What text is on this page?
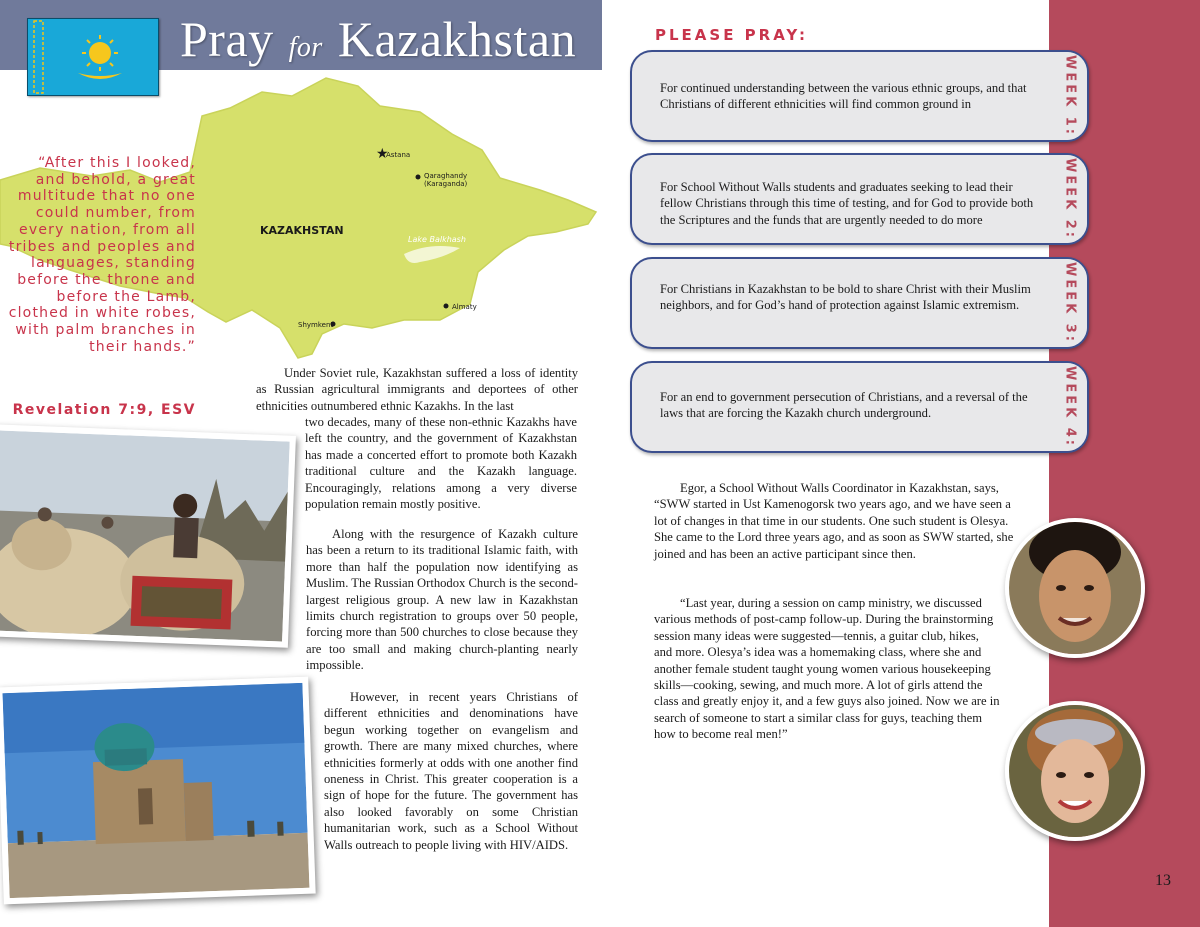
Pray for Kazakhstan
★
Astana
Qaraghandy
(Karaganda)
Almaty
Shymkent
KAZAKHSTAN
Lake Balkhash
“After this I looked, and behold, a great multitude that no one could number, from every nation, from all tribes and peoples and languages, standing before the throne and before the Lamb, clothed in white robes, with palm branches in their hands.”
Revelation 7:9, ESV

Under Soviet rule, Kazakhstan suffered a loss of identity as Russian agricultural immigrants and deportees of other ethnicities outnumbered ethnic Kazakhs. In the last

two decades, many of these non-ethnic Kazakhs have left the country, and the government of Kazakhstan has made a concerted effort to promote both Kazakh traditional culture and the Kazakh language. Encouragingly, relations among a very diverse population remain mostly positive.

Along with the resurgence of Kazakh culture has been a return to its traditional Islamic faith, with more than half the population now identifying as Muslim. The Russian Orthodox Church is the second-largest religious group. A new law in Kazakhstan limits church registration to groups over 50 people, forcing more than 500 churches to close because they are too small and making church-planting nearly impossible.

However, in recent years Christians of different ethnicities and denominations have begun working together on evangelism and growth. There are many mixed churches, where ethnicities formerly at odds with one another find oneness in Christ. This greater cooperation is a sign of hope for the future. The government has also looked favorably on some Christian humanitarian work, such as a School Without Walls outreach to people living with HIV/AIDS.

PLEASE PRAY:
For continued understanding between the various ethnic groups, and that Christians of different ethnicities will find common ground in	WEEK 1:
For School Without Walls students and graduates seeking to lead their fellow Christians through this time of testing, and for God to provide both the Scriptures and the funds that are urgently needed to do more	WEEK 2:
For Christians in Kazakhstan to be bold to share Christ with their Muslim neighbors, and for God’s hand of protection against Islamic extremism.	WEEK 3:
For an end to government persecution of Christians, and a reversal of the laws that are forcing the Kazakh church underground.	WEEK 4:

Egor, a School Without Walls Coordinator in Kazakhstan, says, “SWW started in Ust Kamenogorsk two years ago, and we have seen a lot of changes in that time in our students. One such student is Olesya. She came to the Lord three years ago, and as soon as SWW started, she joined and has been an active participant since then.

“Last year, during a session on camp ministry, we discussed various methods of post-camp follow-up. During the brainstorming session many ideas were suggested—tennis, a guitar club, hikes, and more. Olesya’s idea was a homemaking class, where she and another female student taught young women various housekeeping skills—cooking, sewing, and much more. A lot of girls attend the class and greatly enjoy it, and a few guys also joined. Now we are in search of someone to start a similar class for guys, teaching them how to become real men!”

13
